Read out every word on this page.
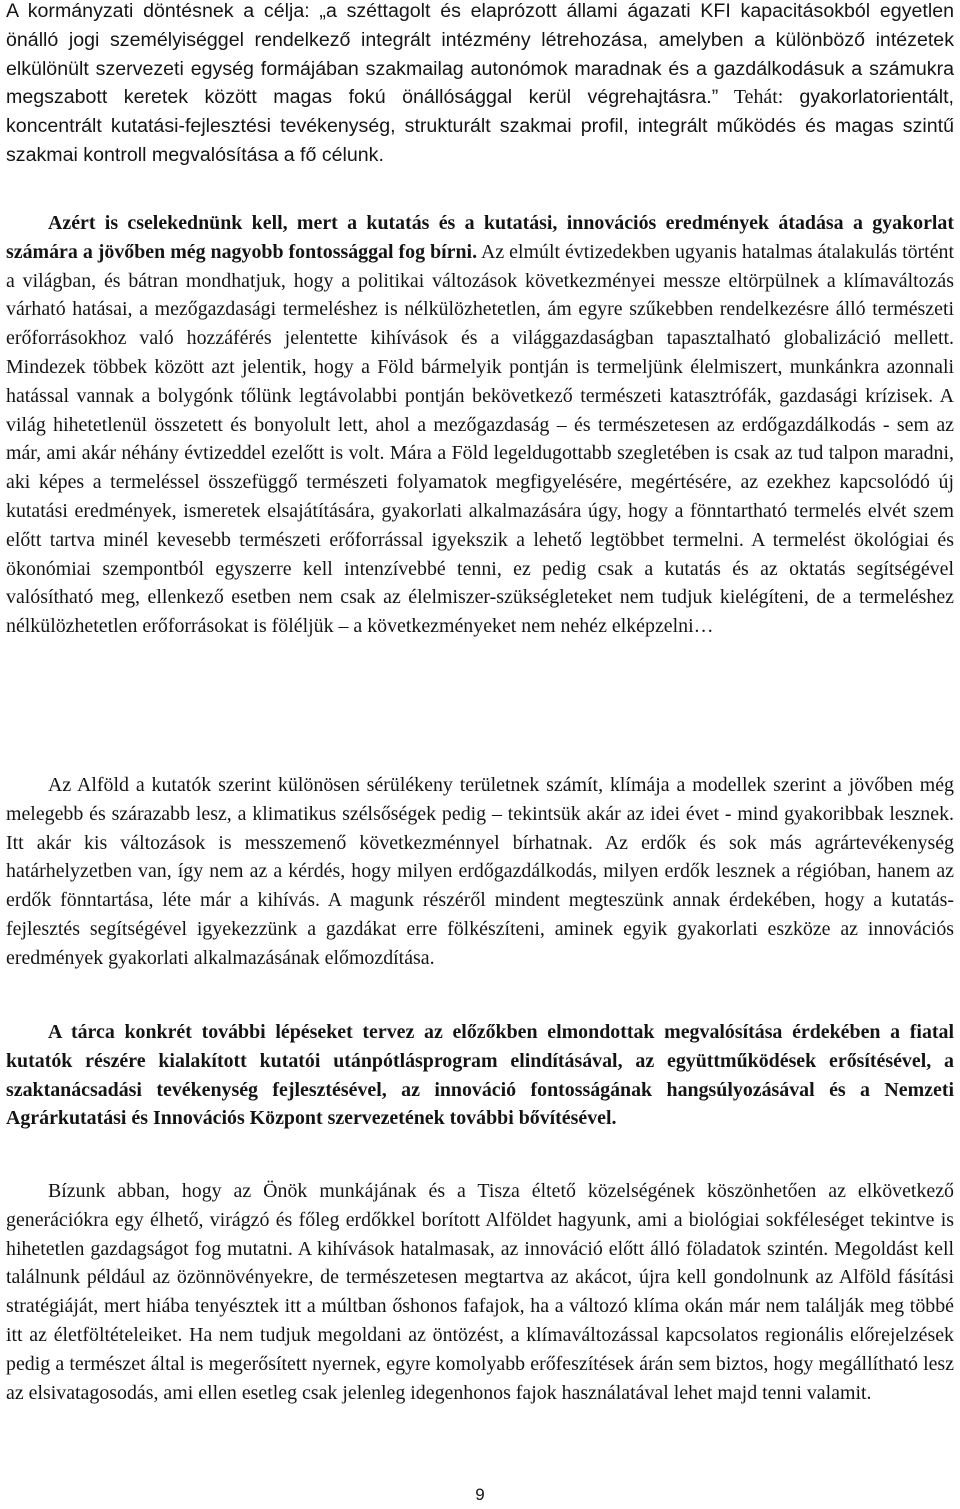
A kormányzati döntésnek a célja: „a széttagolt és elaprózott állami ágazati KFI kapacitásokból egyetlen önálló jogi személyiséggel rendelkező integrált intézmény létrehozása, amelyben a különböző intézetek elkülönült szervezeti egység formájában szakmailag autonómok maradnak és a gazdálkodásuk a számukra megszabott keretek között magas fokú önállósággal kerül végrehajtásra.” Tehát: gyakorlatorientált, koncentrált kutatási-fejlesztési tevékenység, strukturált szakmai profil, integrált működés és magas szintű szakmai kontroll megvalósítása a fő célunk.

Azért is cselekednünk kell, mert a kutatás és a kutatási, innovációs eredmények átadása a gyakorlat számára a jövőben még nagyobb fontossággal fog bírni. Az elmúlt évtizedekben ugyanis hatalmas átalakulás történt a világban, és bátran mondhatjuk, hogy a politikai változások következményei messze eltörpülnek a klímaváltozás várható hatásai, a mezőgazdasági termeléshez is nélkülözhetetlen, ám egyre szűkebben rendelkezésre álló természeti erőforrásokhoz való hozzáférés jelentette kihívások és a világgazdaságban tapasztalható globalizáció mellett. Mindezek többek között azt jelentik, hogy a Föld bármelyik pontján is termeljünk élelmiszert, munkánkra azonnali hatással vannak a bolygónk tőlünk legtávolabbi pontján bekövetkező természeti katasztrófák, gazdasági krízisek. A világ hihetetlenül összetett és bonyolult lett, ahol a mezőgazdaság – és természetesen az erdőgazdálkodás - sem az már, ami akár néhány évtizeddel ezelőtt is volt. Mára a Föld legeldugottabb szegletében is csak az tud talpon maradni, aki képes a termeléssel összefüggő természeti folyamatok megfigyelésére, megértésére, az ezekhez kapcsolódó új kutatási eredmények, ismeretek elsajátítására, gyakorlati alkalmazására úgy, hogy a fönntartható termelés elvét szem előtt tartva minél kevesebb természeti erőforrással igyekszik a lehető legtöbbet termelni. A termelést ökológiai és ökonómiai szempontból egyszerre kell intenzívebbé tenni, ez pedig csak a kutatás és az oktatás segítségével valósítható meg, ellenkező esetben nem csak az élelmiszer-szükségleteket nem tudjuk kielégíteni, de a termeléshez nélkülözhetetlen erőforrásokat is föléljük – a következményeket nem nehéz elképzelni…

Az Alföld a kutatók szerint különösen sérülékeny területnek számít, klímája a modellek szerint a jövőben még melegebb és szárazabb lesz, a klimatikus szélsőségek pedig – tekintsük akár az idei évet - mind gyakoribbak lesznek. Itt akár kis változások is messzemenő következménnyel bírhatnak. Az erdők és sok más agrártevékenység határhelyzetben van, így nem az a kérdés, hogy milyen erdőgazdálkodás, milyen erdők lesznek a régióban, hanem az erdők fönntartása, léte már a kihívás. A magunk részéről mindent megteszünk annak érdekében, hogy a kutatás-fejlesztés segítségével igyekezzünk a gazdákat erre fölkészíteni, aminek egyik gyakorlati eszköze az innovációs eredmények gyakorlati alkalmazásának előmozdítása.

A tárca konkrét további lépéseket tervez az előzőkben elmondottak megvalósítása érdekében a fiatal kutatók részére kialakított kutatói utánpótlásprogram elindításával, az együttműködések erősítésével, a szaktanácsadási tevékenység fejlesztésével, az innováció fontosságának hangsúlyozásával és a Nemzeti Agrárkutatási és Innovációs Központ szervezetének további bővítésével.

Bízunk abban, hogy az Önök munkájának és a Tisza éltető közelségének köszönhetően az elkövetkező generációkra egy élhető, virágzó és főleg erdőkkel borított Alföldet hagyunk, ami a biológiai sokféleséget tekintve is hihetetlen gazdagságot fog mutatni. A kihívások hatalmasak, az innováció előtt álló föladatok szintén. Megoldást kell találnunk például az özönnövényekre, de természetesen megtartva az akácot, újra kell gondolnunk az Alföld fásítási stratégiáját, mert hiába tenyésztek itt a múltban őshonos fafajok, ha a változó klíma okán már nem találják meg többé itt az életföltételeiket. Ha nem tudjuk megoldani az öntözést, a klímaváltozással kapcsolatos regionális előrejelzések pedig a természet által is megerősített nyernek, egyre komolyabb erőfeszítések árán sem biztos, hogy megállítható lesz az elsivatagosodás, ami ellen esetleg csak jelenleg idegenhonos fajok használatával lehet majd tenni valamit.

9
